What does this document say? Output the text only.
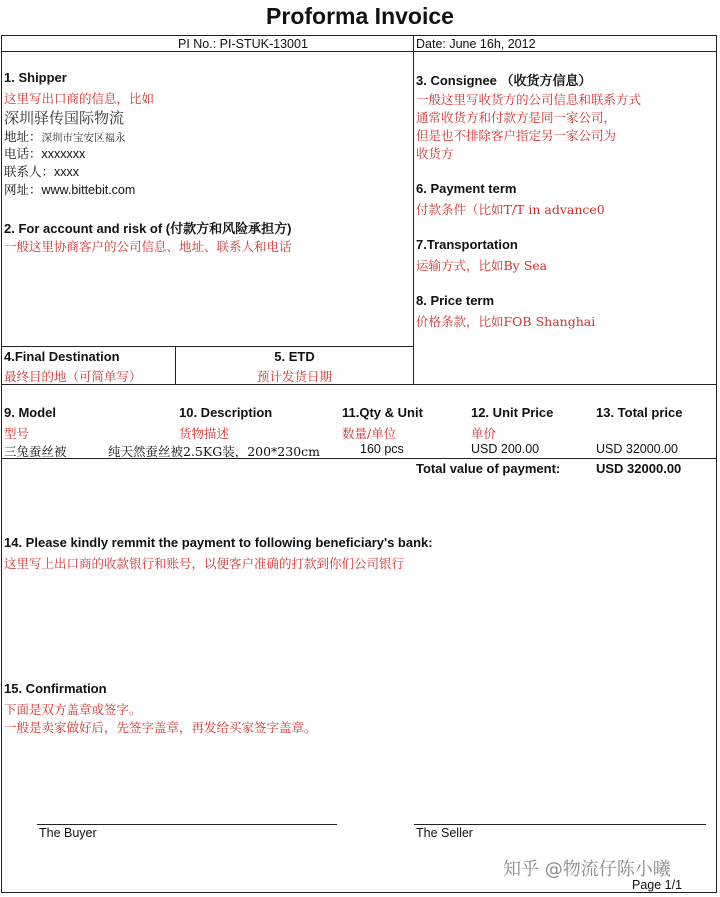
Proforma Invoice
PI No.: PI-STUK-13001	Date: June 16h, 2012
1. Shipper
这里写出口商的信息，比如
深圳驿传国际物流
地址：深圳市宝安区福永
电话：xxxxxxx
联系人：xxxx
网址：www.bittebit.com
2. For account and risk of (付款方和风险承担方)
一般这里协商客户的公司信息、地址、联系人和电话
3. Consignee （收货方信息）
一般这里写收货方的公司信息和联系方式
通常收货方和付款方是同一家公司，
但是也不排除客户指定另一家公司为
收货方
6. Payment term
付款条件（比如T/T in advance0
7.Transportation
运输方式，比如By Sea
8. Price term
价格条款，比如FOB Shanghai
4.Final Destination
最终目的地（可简单写）
5. ETD
预计发货日期
9. Model	10. Description	11.Qty & Unit	12. Unit Price	13. Total price
型号	货物描述	数量/单位	单价
三兔蚕丝被	纯天然蚕丝被2.5KG装，200*230cm	160 pcs	USD 200.00	USD 32000.00
Total value of payment:	USD 32000.00
14. Please kindly remmit the payment to following beneficiary's bank:
这里写上出口商的收款银行和账号，以便客户准确的打款到你们公司银行
15. Confirmation
下面是双方盖章或签字。
一般是卖家做好后，先签字盖章，再发给买家签字盖章。
The Buyer	The Seller
知乎 @物流仔陈小曦
Page 1/1
